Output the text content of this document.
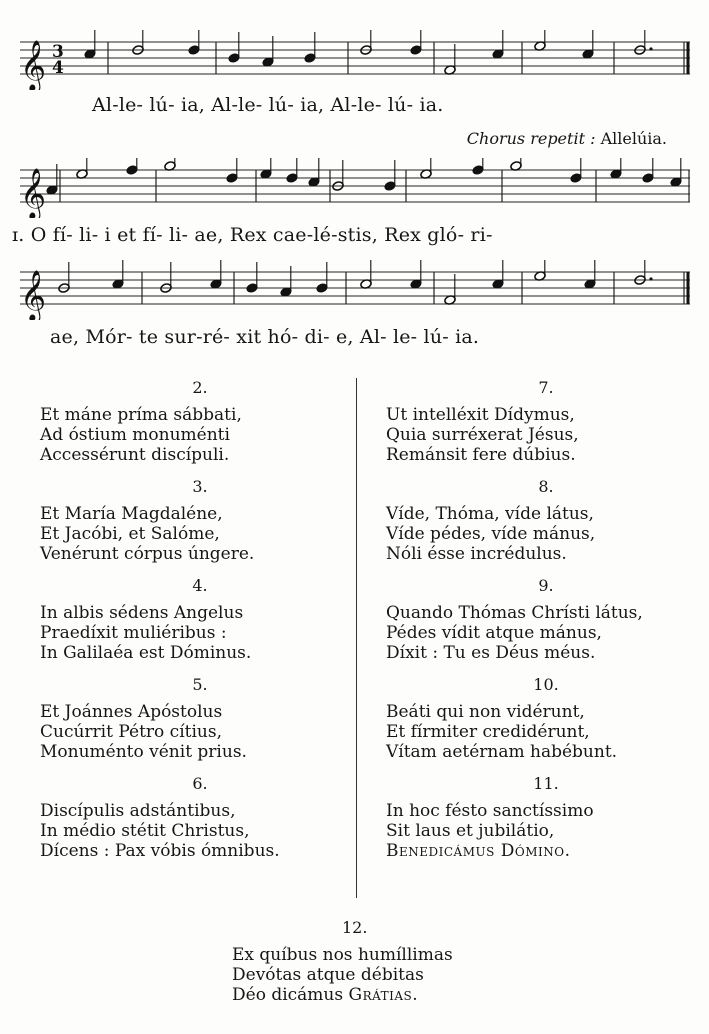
𝄞 3
4
Al-le- lú- ia, Al-le- lú- ia, Al-le- lú- ia.
Chorus repetit : Allelúia.
𝄞
ɪ. O fí- li- i et fí- li- ae, Rex cae-lé-stis, Rex gló- ri-
𝄞
ae, Mór- te sur-ré- xit hó- di- e, Al- le- lú- ia.
2.
Et máne príma sábbati,
Ad óstium monuménti
Accessérunt discípuli.
3.
Et María Magdaléne,
Et Jacóbi, et Salóme,
Venérunt córpus úngere.
4.
In albis sédens Angelus
Praedíxit muliéribus :
In Galilaéa est Dóminus.
5.
Et Joánnes Apóstolus
Cucúrrit Pétro cítius,
Monuménto vénit prius.
6.
Discípulis adstántibus,
In médio stétit Christus,
Dícens : Pax vóbis ómnibus.
7.
Ut intelléxit Dídymus,
Quia surréxerat Jésus,
Remánsit fere dúbius.
8.
Víde, Thóma, víde látus,
Víde pédes, víde mánus,
Nóli ésse incrédulus.
9.
Quando Thómas Chrísti látus,
Pédes vídit atque mánus,
Díxit : Tu es Déus méus.
10.
Beáti qui non vidérunt,
Et fírmiter credidérunt,
Vítam aetérnam habébunt.
11.
In hoc fésto sanctíssimo
Sit laus et jubilátio,
Benedicámus Dómino.
12.
Ex quíbus nos humíllimas
Devótas atque débitas
Déo dicámus Grátias.
